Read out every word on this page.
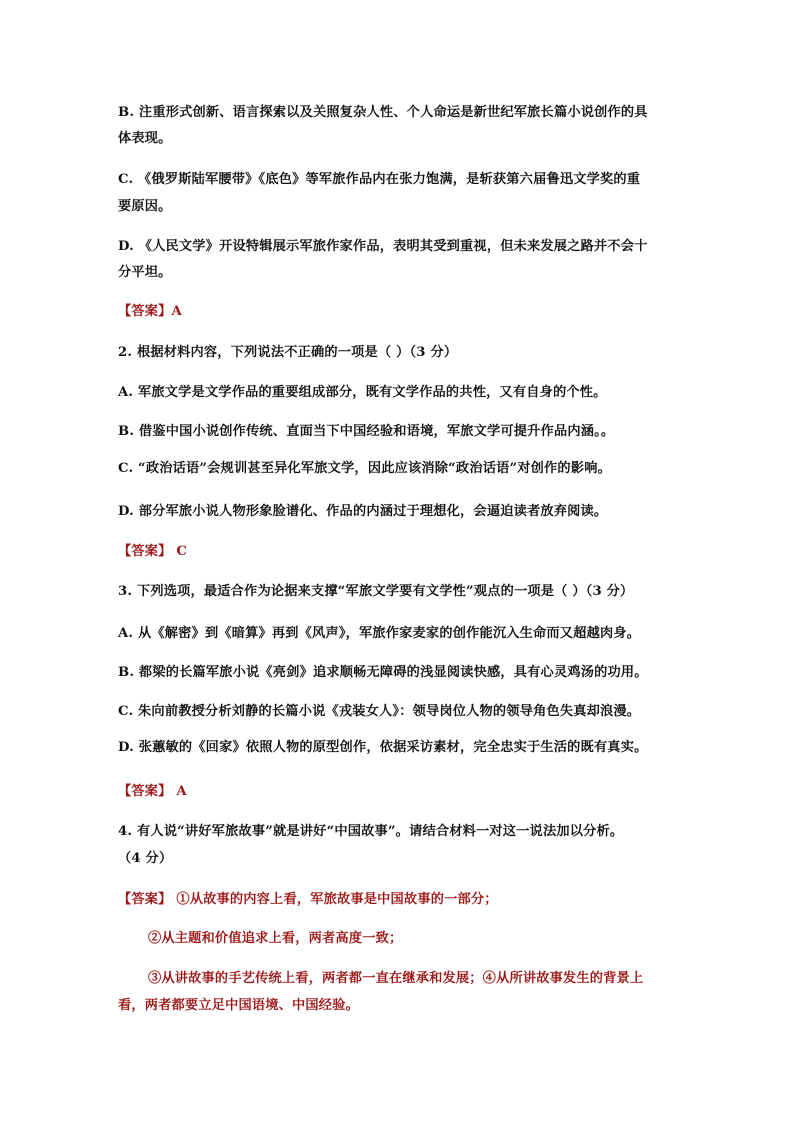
B. 注重形式创新、语言探索以及关照复杂人性、个人命运是新世纪军旅长篇小说创作的具
体表现。
C. 《俄罗斯陆军腰带》《底色》等军旅作品内在张力饱满，是斩获第六届鲁迅文学奖的重
要原因。
D. 《人民文学》开设特辑展示军旅作家作品，表明其受到重视，但未来发展之路并不会十
分平坦。
【答案】A
2. 根据材料内容，下列说法不正确的一项是（ ）（3 分）
A. 军旅文学是文学作品的重要组成部分，既有文学作品的共性，又有自身的个性。
B. 借鉴中国小说创作传统、直面当下中国经验和语境，军旅文学可提升作品内涵。。
C. “政治话语”会规训甚至异化军旅文学，因此应该消除“政治话语”对创作的影响。
D. 部分军旅小说人物形象脸谱化、作品的内涵过于理想化，会逼迫读者放弃阅读。
【答案】 C
3. 下列选项，最适合作为论据来支撑“军旅文学要有文学性”观点的一项是（ ）（3 分）
A. 从《解密》到《暗算》再到《风声》，军旅作家麦家的创作能沉入生命而又超越肉身。
B. 都梁的长篇军旅小说《亮剑》追求顺畅无障碍的浅显阅读快感，具有心灵鸡汤的功用。
C. 朱向前教授分析刘静的长篇小说《戎装女人》：领导岗位人物的领导角色失真却浪漫。
D. 张蕙敏的《回家》依照人物的原型创作，依据采访素材，完全忠实于生活的既有真实。
【答案】 A
4. 有人说“讲好军旅故事”就是讲好“中国故事”。请结合材料一对这一说法加以分析。
（4 分）
【答案】 ①从故事的内容上看，军旅故事是中国故事的一部分；
②从主题和价值追求上看，两者高度一致；
③从讲故事的手艺传统上看，两者都一直在继承和发展；④从所讲故事发生的背景上
看，两者都要立足中国语境、中国经验。
